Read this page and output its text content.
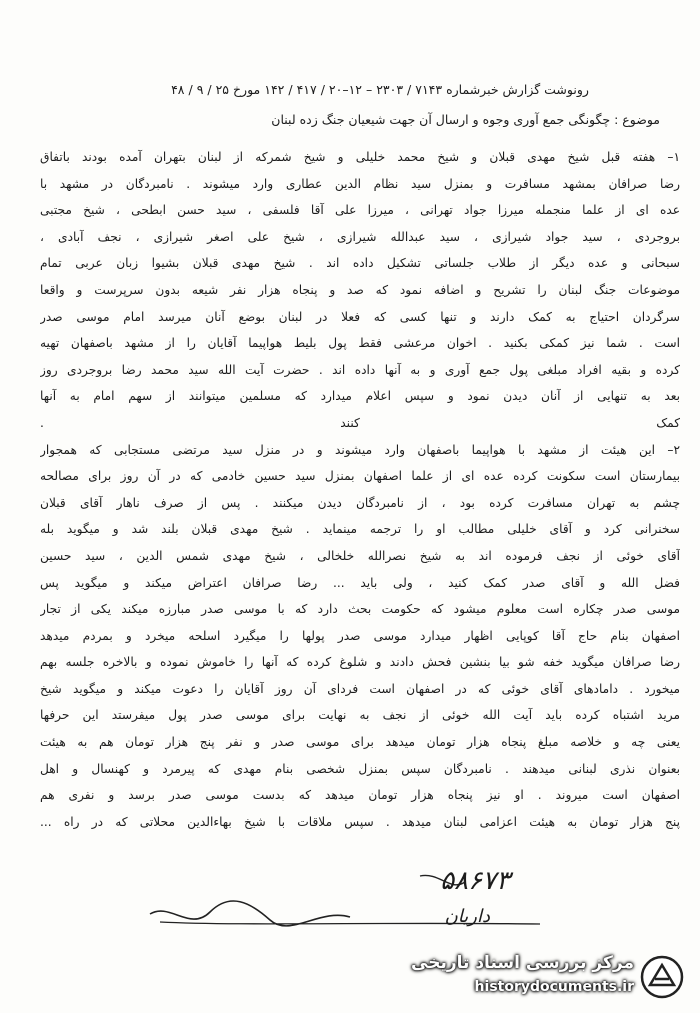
رونوشت گزارش خبرشماره ۷۱۴۳ / ۲۳۰۳ – ۱۲–۲۰ / ۴۱۷ / ۱۴۲ مورخ ۲۵ / ۹ / ۴۸
موضوع : چگونگی جمع آوری وجوه و ارسال آن جهت شیعیان جنگ زده لبنان
۱– هفته قبل شیخ مهدی قبلان و شیخ محمد خلیلی و شیخ شمرکه از لبنان بتهران آمده بودند باتفاق
رضا صرافان بمشهد مسافرت و بمنزل سید نظام الدین عطاری وارد میشوند . نامبردگان در مشهد با
عده ای از علما منجمله میرزا جواد تهرانی ، میرزا علی آقا فلسفی ، سید حسن ابطحی ، شیخ مجتبی
بروجردی ، سید جواد شیرازی ، سید عبدالله شیرازی ، شیخ علی اصغر شیرازی ، نجف آبادی ،
سبحانی و عده دیگر از طلاب جلساتی تشکیل داده اند . شیخ مهدی قبلان بشیوا زبان عربی تمام
موضوعات جنگ لبنان را تشریح و اضافه نمود که صد و پنجاه هزار نفر شیعه بدون سرپرست و واقعا
سرگردان احتیاج به کمک دارند و تنها کسی که فعلا در لبنان بوضع آنان میرسد امام موسی صدر
است . شما نیز کمکی بکنید . اخوان مرعشی فقط پول بلیط هواپیما آقایان را از مشهد باصفهان تهیه
کرده و بقیه افراد مبلغی پول جمع آوری و به آنها داده اند . حضرت آیت الله سید محمد رضا بروجردی روز
بعد به تنهایی از آنان دیدن نمود و سپس اعلام میدارد که مسلمین میتوانند از سهم امام به آنها
کمک کنند .
۲– این هیئت از مشهد با هواپیما باصفهان وارد میشوند و در منزل سید مرتضی مستجابی که همجوار
بیمارستان است سکونت کرده عده ای از علما اصفهان بمنزل سید حسین خادمی که در آن روز برای مصالحه
چشم به تهران مسافرت کرده بود ، از نامبردگان دیدن میکنند . پس از صرف ناهار آقای قبلان
سخنرانی کرد و آقای خلیلی مطالب او را ترجمه مینماید . شیخ مهدی قبلان بلند شد و میگوید بله
آقای خوئی از نجف فرموده اند به شیخ نصرالله خلخالی ، شیخ مهدی شمس الدین ، سید حسین
فضل الله و آقای صدر کمک کنید ، ولی باید ... رضا صرافان اعتراض میکند و میگوید پس
موسی صدر چکاره است معلوم میشود که حکومت بحث دارد که با موسی صدر مبارزه میکند یکی از تجار
اصفهان بنام حاج آقا کوپایی اظهار میدارد موسی صدر پولها را میگیرد اسلحه میخرد و بمردم میدهد
رضا صرافان میگوید خفه شو بیا بنشین فحش دادند و شلوغ کرده که آنها را خاموش نموده و بالاخره جلسه بهم
میخورد . دامادهای آقای خوئی که در اصفهان است فردای آن روز آقایان را دعوت میکند و میگوید شیخ
مرید اشتباه کرده باید آیت الله خوئی از نجف به نهایت برای موسی صدر پول میفرستد این حرفها
یعنی چه و خلاصه مبلغ پنجاه هزار تومان میدهد برای موسی صدر و نفر پنج هزار تومان هم به هیئت
بعنوان نذری لبنانی میدهند . نامبردگان سپس بمنزل شخصی بنام مهدی که پیرمرد و کهنسال و اهل
اصفهان است میروند . او نیز پنجاه هزار تومان میدهد که بدست موسی صدر برسد و نفری هم
پنج هزار تومان به هیئت اعزامی لبنان میدهد . سپس ملاقات با شیخ بهاءالدین محلاتی که در راه ...
۵۸۶۷۳
داریان
مرکز بررسی اسناد تاریخی
historydocuments.ir
